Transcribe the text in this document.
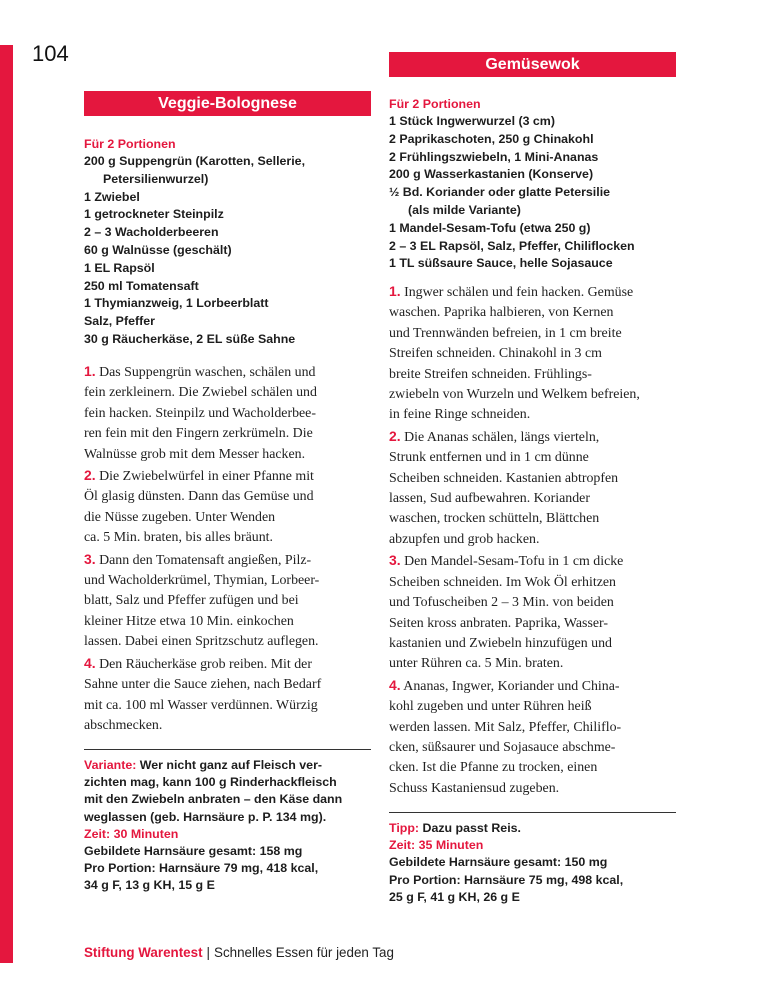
104
Veggie-Bolognese
Für 2 Portionen
200 g Suppengrün (Karotten, Sellerie,
Petersilienwurzel)
1 Zwiebel
1 getrockneter Steinpilz
2 – 3 Wacholderbeeren
60 g Walnüsse (geschält)
1 EL Rapsöl
250 ml Tomatensaft
1 Thymianzweig, 1 Lorbeerblatt
Salz, Pfeffer
30 g Räucherkäse, 2 EL süße Sahne
1. Das Suppengrün waschen, schälen und
fein zerkleinern. Die Zwiebel schälen und
fein hacken. Steinpilz und Wacholderbee-
ren fein mit den Fingern zerkrümeln. Die
Walnüsse grob mit dem Messer hacken.
2. Die Zwiebelwürfel in einer Pfanne mit
Öl glasig dünsten. Dann das Gemüse und
die Nüsse zugeben. Unter Wenden
ca. 5 Min. braten, bis alles bräunt.
3. Dann den Tomatensaft angießen, Pilz-
und Wacholderkrümel, Thymian, Lorbeer-
blatt, Salz und Pfeffer zufügen und bei
kleiner Hitze etwa 10 Min. einkochen
lassen. Dabei einen Spritzschutz auflegen.
4. Den Räucherkäse grob reiben. Mit der
Sahne unter die Sauce ziehen, nach Bedarf
mit ca. 100 ml Wasser verdünnen. Würzig
abschmecken.
Variante: Wer nicht ganz auf Fleisch ver-
zichten mag, kann 100 g Rinderhackfleisch
mit den Zwiebeln anbraten – den Käse dann
weglassen (geb. Harnsäure p. P. 134 mg).
Zeit: 30 Minuten
Gebildete Harnsäure gesamt: 158 mg
Pro Portion: Harnsäure 79 mg, 418 kcal,
34 g F, 13 g KH, 15 g E
Gemüsewok
Für 2 Portionen
1 Stück Ingwerwurzel (3 cm)
2 Paprikaschoten, 250 g Chinakohl
2 Frühlingszwiebeln, 1 Mini-Ananas
200 g Wasserkastanien (Konserve)
½ Bd. Koriander oder glatte Petersilie
(als milde Variante)
1 Mandel-Sesam-Tofu (etwa 250 g)
2 – 3 EL Rapsöl, Salz, Pfeffer, Chiliflocken
1 TL süßsaure Sauce, helle Sojasauce
1. Ingwer schälen und fein hacken. Gemüse
waschen. Paprika halbieren, von Kernen
und Trennwänden befreien, in 1 cm breite
Streifen schneiden. Chinakohl in 3 cm
breite Streifen schneiden. Frühlings-
zwiebeln von Wurzeln und Welkem befreien,
in feine Ringe schneiden.
2. Die Ananas schälen, längs vierteln,
Strunk entfernen und in 1 cm dünne
Scheiben schneiden. Kastanien abtropfen
lassen, Sud aufbewahren. Koriander
waschen, trocken schütteln, Blättchen
abzupfen und grob hacken.
3. Den Mandel-Sesam-Tofu in 1 cm dicke
Scheiben schneiden. Im Wok Öl erhitzen
und Tofuscheiben 2 – 3 Min. von beiden
Seiten kross anbraten. Paprika, Wasser-
kastanien und Zwiebeln hinzufügen und
unter Rühren ca. 5 Min. braten.
4. Ananas, Ingwer, Koriander und China-
kohl zugeben und unter Rühren heiß
werden lassen. Mit Salz, Pfeffer, Chiliflo-
cken, süßsaurer und Sojasauce abschme-
cken. Ist die Pfanne zu trocken, einen
Schuss Kastaniensud zugeben.
Tipp: Dazu passt Reis.
Zeit: 35 Minuten
Gebildete Harnsäure gesamt: 150 mg
Pro Portion: Harnsäure 75 mg, 498 kcal,
25 g F, 41 g KH, 26 g E
Stiftung Warentest | Schnelles Essen für jeden Tag
